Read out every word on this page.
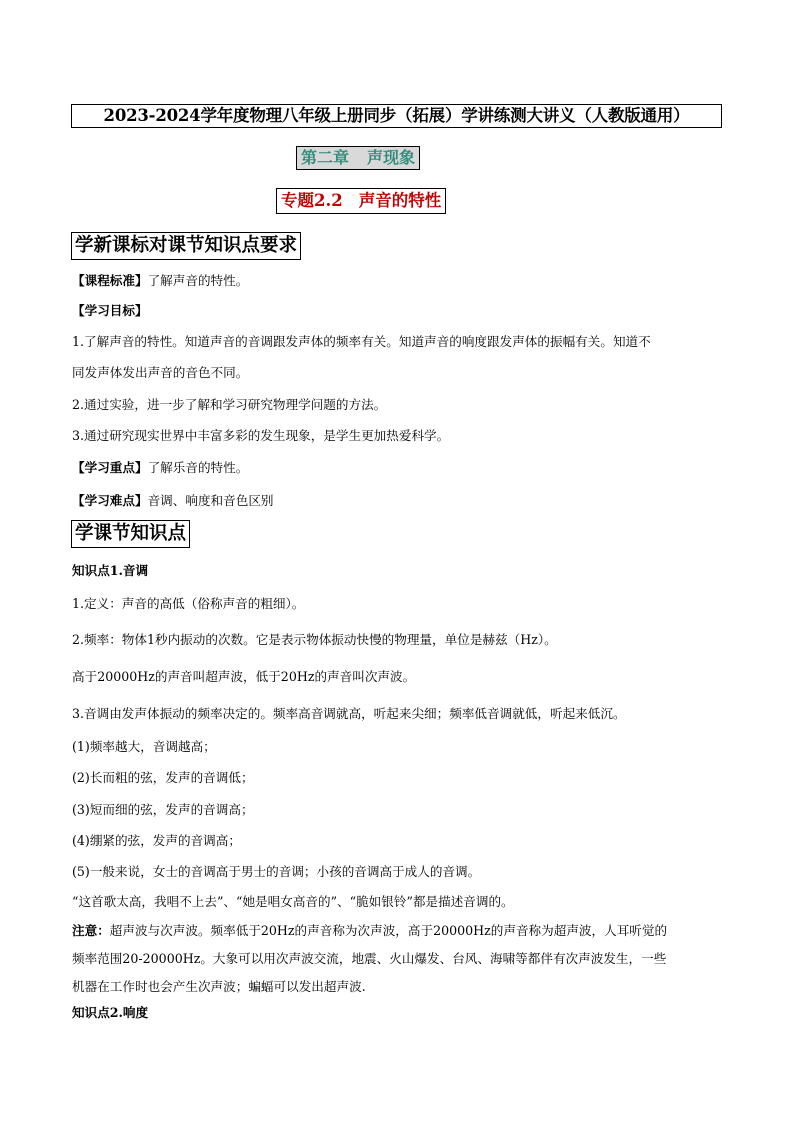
2023-2024学年度物理八年级上册同步（拓展）学讲练测大讲义（人教版通用）
第二章 声现象
专题2.2 声音的特性
学新课标对课节知识点要求
【课程标准】了解声音的特性。
【学习目标】
1.了解声音的特性。知道声音的音调跟发声体的频率有关。知道声音的响度跟发声体的振幅有关。知道不
同发声体发出声音的音色不同。
2.通过实验，进一步了解和学习研究物理学问题的方法。
3.通过研究现实世界中丰富多彩的发生现象，是学生更加热爱科学。
【学习重点】了解乐音的特性。
【学习难点】音调、响度和音色区别
学课节知识点
知识点1.音调
1.定义：声音的高低（俗称声音的粗细）。
2.频率：物体1秒内振动的次数。它是表示物体振动快慢的物理量，单位是赫兹（Hz）。
高于20000Hz的声音叫超声波，低于20Hz的声音叫次声波。
3.音调由发声体振动的频率决定的。频率高音调就高，听起来尖细；频率低音调就低，听起来低沉。
(1)频率越大，音调越高；
(2)长而粗的弦，发声的音调低；
(3)短而细的弦，发声的音调高；
(4)绷紧的弦，发声的音调高；
(5)一般来说，女士的音调高于男士的音调；小孩的音调高于成人的音调。
“这首歌太高，我唱不上去”、“她是唱女高音的”、“脆如银铃”都是描述音调的。
注意：超声波与次声波。频率低于20Hz的声音称为次声波，高于20000Hz的声音称为超声波，人耳听觉的
频率范围20-20000Hz。大象可以用次声波交流，地震、火山爆发、台风、海啸等都伴有次声波发生，一些
机器在工作时也会产生次声波；蝙蝠可以发出超声波.
知识点2.响度
